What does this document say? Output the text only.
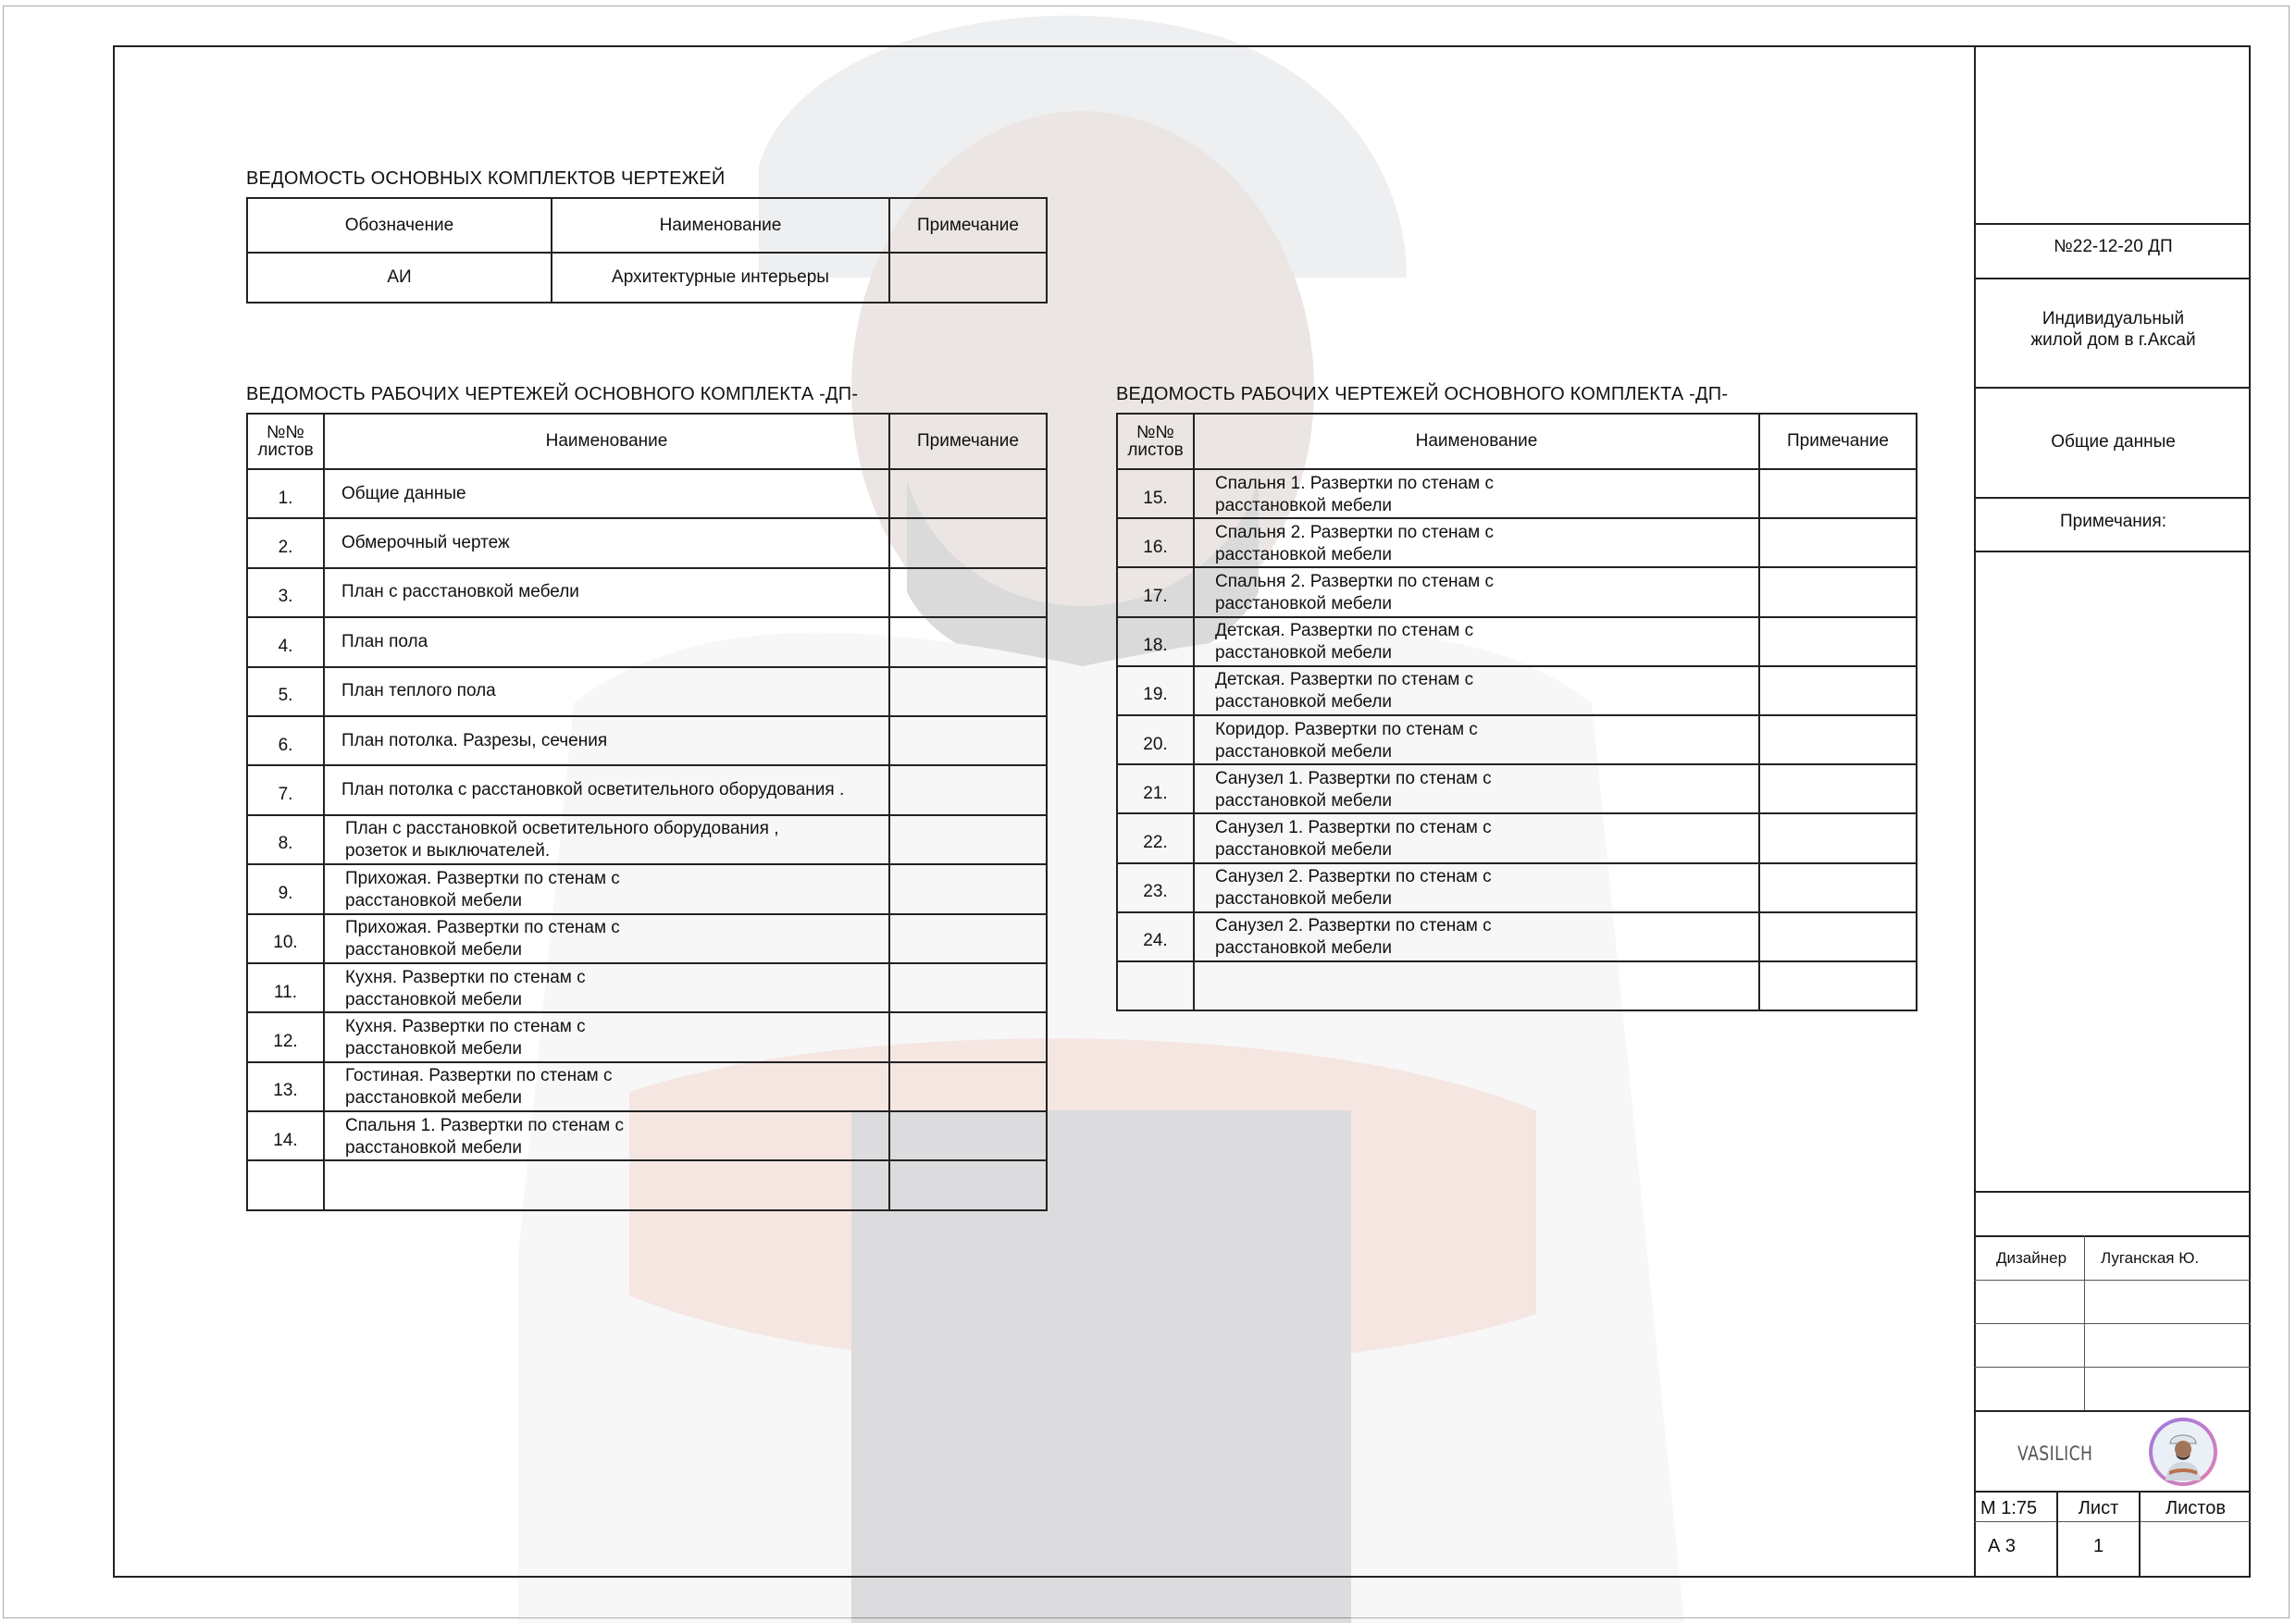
ВЕДОМОСТЬ ОСНОВНЫХ КОМПЛЕКТОВ ЧЕРТЕЖЕЙ
Обозначение	Наименование	Примечание
АИ	Архитектурные интерьеры	
ВЕДОМОСТЬ РАБОЧИХ ЧЕРТЕЖЕЙ ОСНОВНОГО КОМПЛЕКТА -ДП-
№№ листов	Наименование	Примечание
1.	Общие данные	

2.	Обмерочный чертеж	

3.	План с расстановкой мебели	

4.	План пола	

5.	План теплого пола	

6.	План потолка. Разрезы, сечения	

7.	План потолка с расстановкой осветительного оборудования .	

8.	План с расстановкой осветительного оборудования ,
розеток и выключателей.	

9.	Прихожая. Развертки по стенам с
расстановкой мебели	

10.	Прихожая. Развертки по стенам с
расстановкой мебели	

11.	Кухня. Развертки по стенам с
расстановкой мебели	

12.	Кухня. Развертки по стенам с
расстановкой мебели	

13.	Гостиная. Развертки по стенам с
расстановкой мебели	

14.	Спальня 1. Развертки по стенам с
расстановкой мебели	

ВЕДОМОСТЬ РАБОЧИХ ЧЕРТЕЖЕЙ ОСНОВНОГО КОМПЛЕКТА -ДП-
№№ листов	Наименование	Примечание
15.	Спальня 1. Развертки по стенам с
расстановкой мебели	

16.	Спальня 2. Развертки по стенам с
расстановкой мебели	

17.	Спальня 2. Развертки по стенам с
расстановкой мебели	

18.	Детская. Развертки по стенам с
расстановкой мебели	

19.	Детская. Развертки по стенам с
расстановкой мебели	

20.	Коридор. Развертки по стенам с
расстановкой мебели	

21.	Санузел 1. Развертки по стенам с
расстановкой мебели	

22.	Санузел 1. Развертки по стенам с
расстановкой мебели	

23.	Санузел 2. Развертки по стенам с
расстановкой мебели	

24.	Санузел 2. Развертки по стенам с
расстановкой мебели	

№22-12-20 ДП
Индивидуальный
жилой дом в г.Аксай
Общие данные
Примечания:
Дизайнер	Луганская Ю.
VASILICH
М 1:75	Лист	Листов
А 3	1
